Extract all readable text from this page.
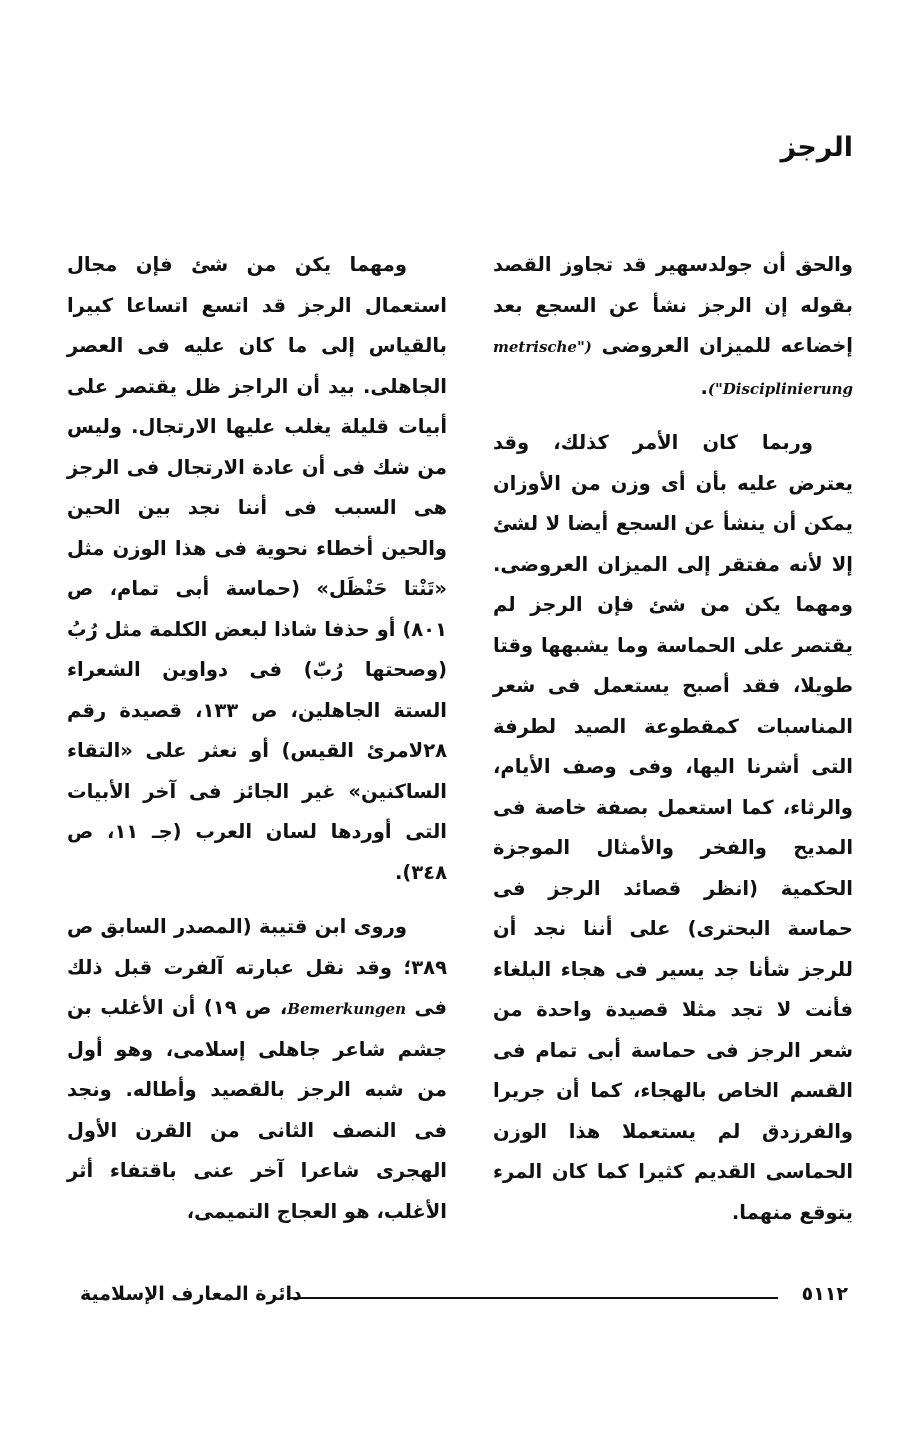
الرجز

والحق أن جولدسهير قد تجاوز القصد بقوله إن الرجز نشأ عن السجع بعد إخضاعه للميزان العروضى ("metrische Disciplinierung").

وربما كان الأمر كذلك، وقد يعترض عليه بأن أى وزن من الأوزان يمكن أن ينشأ عن السجع أيضا لا لشئ إلا لأنه مفتقر إلى الميزان العروضى. ومهما يكن من شئ فإن الرجز لم يقتصر على الحماسة وما يشبهها وقتا طويلا، فقد أصبح يستعمل فى شعر المناسبات كمقطوعة الصيد لطرفة التى أشرنا اليها، وفى وصف الأيام، والرثاء، كما استعمل بصفة خاصة فى المديح والفخر والأمثال الموجزة الحكمية (انظر قصائد الرجز فى حماسة البحترى) على أننا نجد أن للرجز شأنا جد يسير فى هجاء البلغاء فأنت لا تجد مثلا قصيدة واحدة من شعر الرجز فى حماسة أبى تمام فى القسم الخاص بالهجاء، كما أن جريرا والفرزدق لم يستعملا هذا الوزن الحماسى القديم كثيرا كما كان المرء يتوقع منهما.

ومهما يكن من شئ فإن مجال استعمال الرجز قد اتسع اتساعا كبيرا بالقياس إلى ما كان عليه فى العصر الجاهلى. بيد أن الراجز ظل يقتصر على أبيات قليلة يغلب عليها الارتجال. وليس من شك فى أن عادة الارتجال فى الرجز هى السبب فى أننا نجد بين الحين والحين أخطاء نحوية فى هذا الوزن مثل «تَنْتا حَنْظَل» (حماسة أبى تمام، ص ٨٠١) أو حذفا شاذا لبعض الكلمة مثل رُبُ (وصحتها رُبّ) فى دواوين الشعراء الستة الجاهلين، ص ١٣٣، قصيدة رقم ٢٨لامرئ القيس) أو نعثر على «التقاء الساكنين» غير الجائز فى آخر الأبيات التى أوردها لسان العرب (جـ ١١، ص ٣٤٨).

وروى ابن قتيبة (المصدر السابق ص ٣٨٩؛ وقد نقل عبارته آلفرت قبل ذلك فى Bemerkungen، ص ١٩) أن الأغلب بن جشم شاعر جاهلى إسلامى، وهو أول من شبه الرجز بالقصيد وأطاله. ونجد فى النصف الثانى من القرن الأول الهجرى شاعرا آخر عنى باقتفاء أثر الأغلب، هو العجاج التميمى،

دائرة المعارف الإسلامية	٥١١٢
